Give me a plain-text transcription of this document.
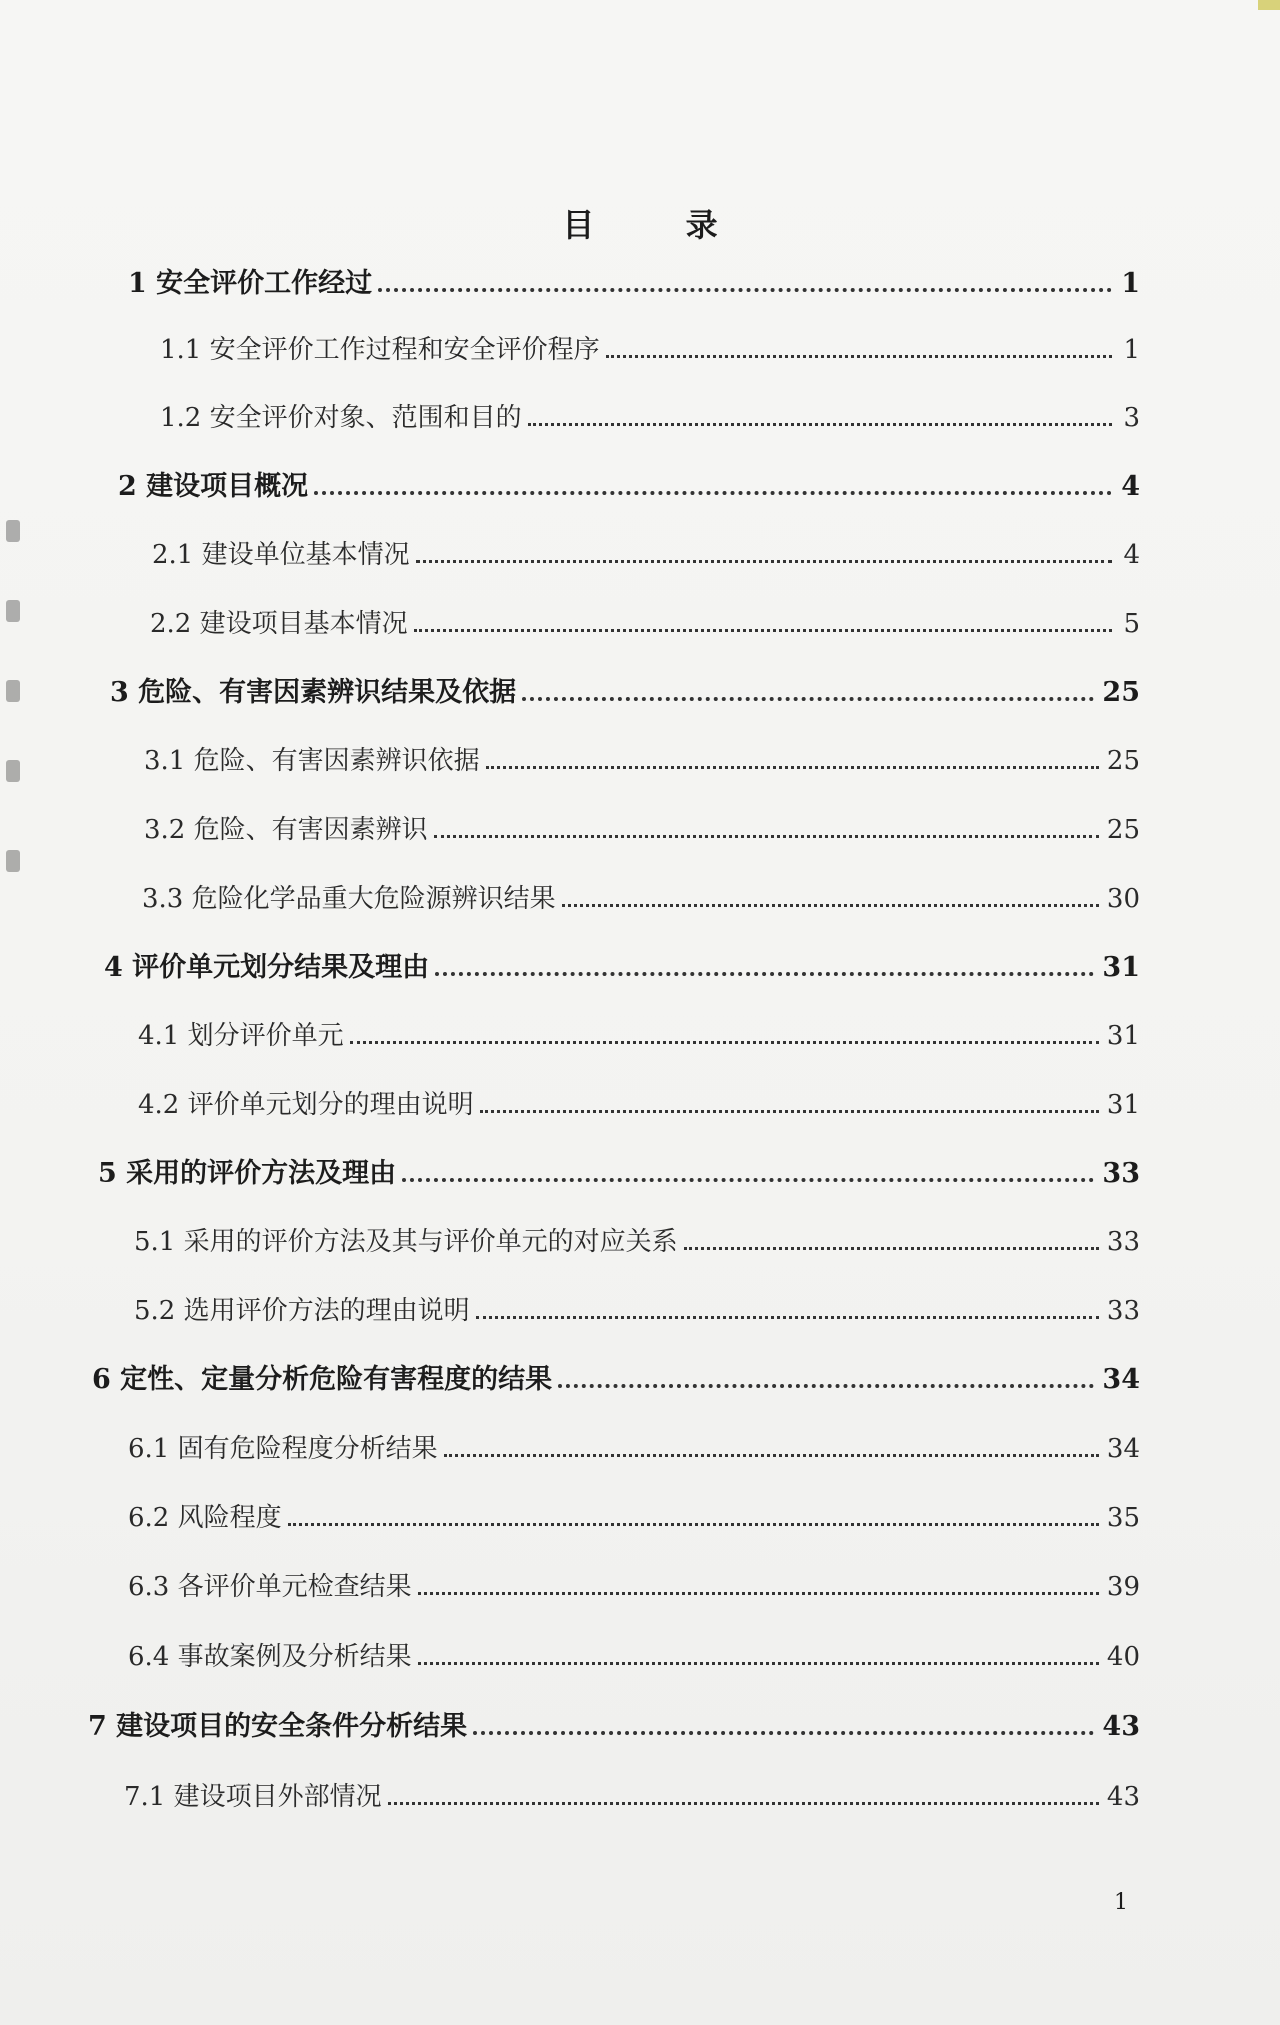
目 录
1 安全评价工作经过	1
1.1 安全评价工作过程和安全评价程序	1
1.2 安全评价对象、范围和目的	3
2 建设项目概况	4
2.1 建设单位基本情况	4
2.2 建设项目基本情况	5
3 危险、有害因素辨识结果及依据	25
3.1 危险、有害因素辨识依据	25
3.2 危险、有害因素辨识	25
3.3 危险化学品重大危险源辨识结果	30
4 评价单元划分结果及理由	31
4.1 划分评价单元	31
4.2 评价单元划分的理由说明	31
5 采用的评价方法及理由	33
5.1 采用的评价方法及其与评价单元的对应关系	33
5.2 选用评价方法的理由说明	33
6 定性、定量分析危险有害程度的结果	34
6.1 固有危险程度分析结果	34
6.2 风险程度	35
6.3 各评价单元检查结果	39
6.4 事故案例及分析结果	40
7 建设项目的安全条件分析结果	43
7.1 建设项目外部情况	43
1
